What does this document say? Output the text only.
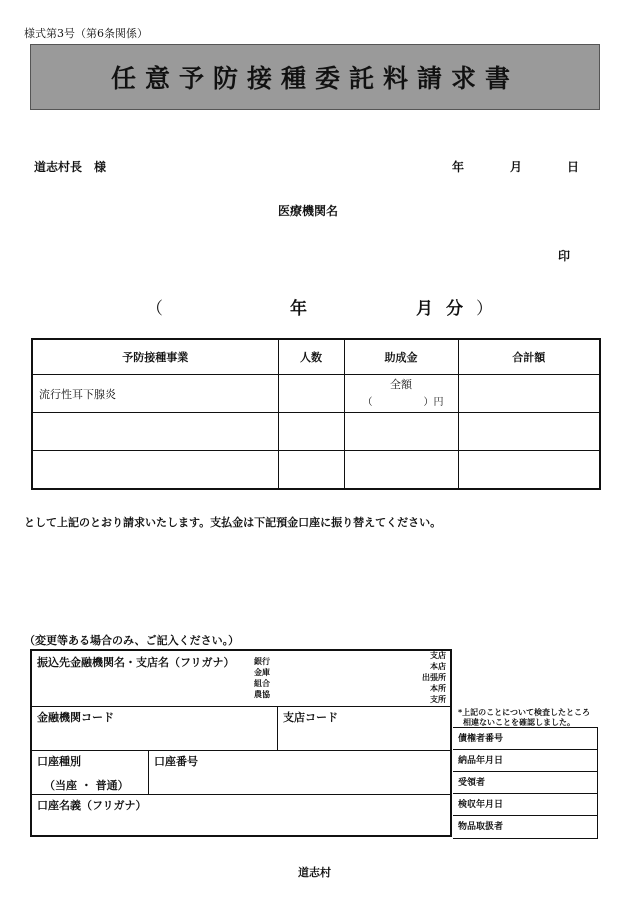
様式第3号（第6条関係）
任意予防接種委託料請求書
道志村長　様	年	月	日
医療機関名
印
（	年	月 分 ）
予防接種事業	人数	助成金	合計額
流行性耳下腺炎		全額
（ ）円	

として上記のとおり請求いたします。支払金は下記預金口座に振り替えてください。
（変更等ある場合のみ、ご記入ください。）
振込先金融機関名・支店名（フリガナ） 銀行
金庫
組合
農協
支店
本店
出張所
本所
支所
金融機関コード	支店コード
口座種別
（当座 ・ 普通）
口座番号
口座名義（フリガナ）
*上記のことについて検査したところ
相違ないことを確認しました。
債権者番号
納品年月日
受領者
検収年月日
物品取扱者
道志村
